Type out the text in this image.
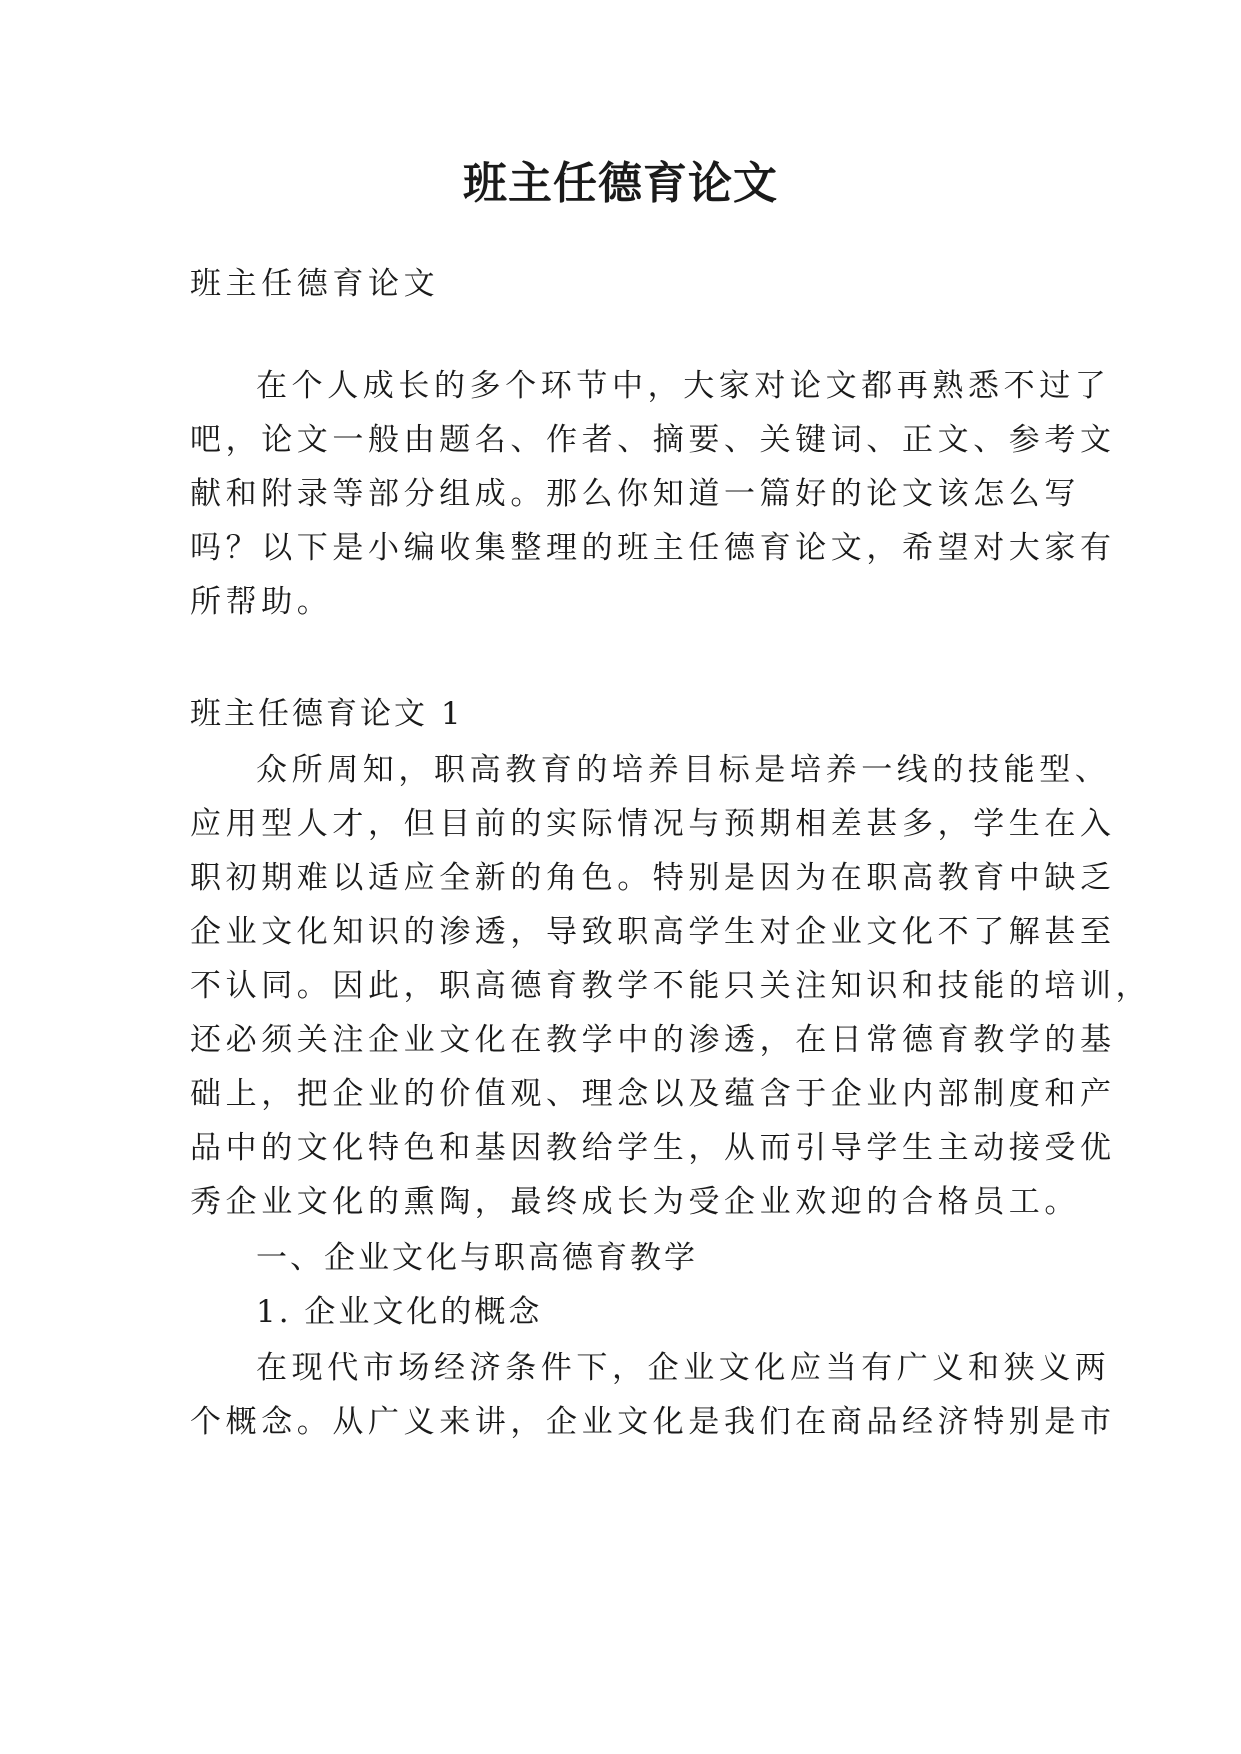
班主任德育论文

班主任德育论文

在个人成长的多个环节中，大家对论文都再熟悉不过了

吧，论文一般由题名、作者、摘要、关键词、正文、参考文

献和附录等部分组成。那么你知道一篇好的论文该怎么写

吗？以下是小编收集整理的班主任德育论文，希望对大家有

所帮助。

班主任德育论文 1

众所周知，职高教育的培养目标是培养一线的技能型、

应用型人才，但目前的实际情况与预期相差甚多，学生在入

职初期难以适应全新的角色。特别是因为在职高教育中缺乏

企业文化知识的渗透，导致职高学生对企业文化不了解甚至

不认同。因此，职高德育教学不能只关注知识和技能的培训，

还必须关注企业文化在教学中的渗透，在日常德育教学的基

础上，把企业的价值观、理念以及蕴含于企业内部制度和产

品中的文化特色和基因教给学生，从而引导学生主动接受优

秀企业文化的熏陶，最终成长为受企业欢迎的合格员工。

一、企业文化与职高德育教学

1. 企业文化的概念

在现代市场经济条件下，企业文化应当有广义和狭义两

个概念。从广义来讲，企业文化是我们在商品经济特别是市
